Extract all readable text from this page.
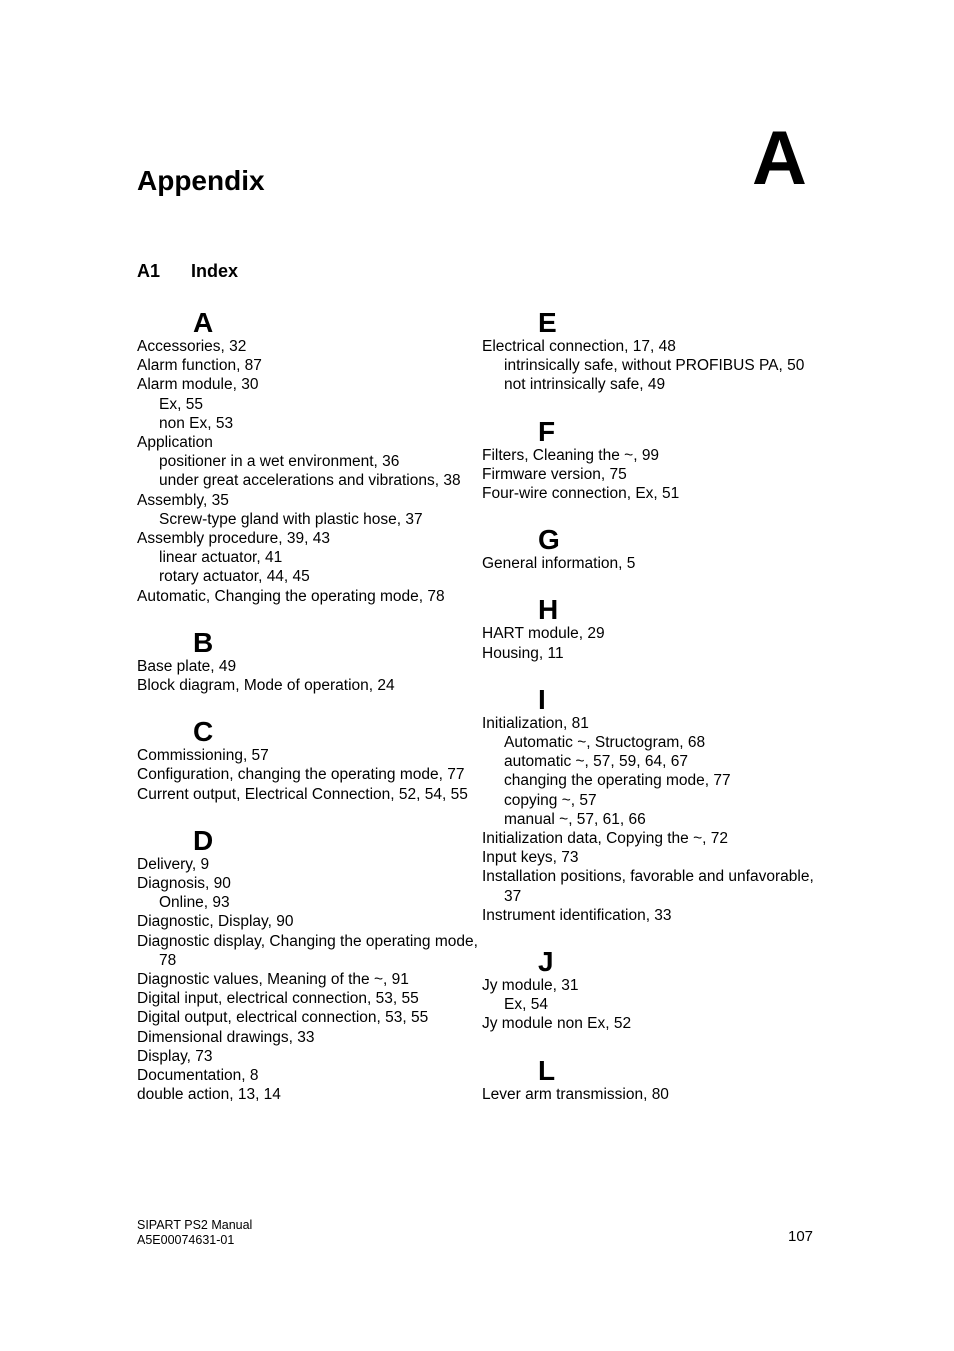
Appendix	A
A1 Index
A
Accessories, 32
Alarm function, 87
Alarm module, 30
Ex, 55
non Ex, 53
Application
positioner in a wet environment, 36
under great accelerations and vibrations, 38
Assembly, 35
Screw-type gland with plastic hose, 37
Assembly procedure, 39, 43
linear actuator, 41
rotary actuator, 44, 45
Automatic, Changing the operating mode, 78
B
Base plate, 49
Block diagram, Mode of operation, 24
C
Commissioning, 57
Configuration, changing the operating mode, 77
Current output, Electrical Connection, 52, 54, 55
D
Delivery, 9
Diagnosis, 90
Online, 93
Diagnostic, Display, 90
Diagnostic display, Changing the operating mode, 78
Diagnostic values, Meaning of the ~, 91
Digital input, electrical connection, 53, 55
Digital output, electrical connection, 53, 55
Dimensional drawings, 33
Display, 73
Documentation, 8
double action, 13, 14
E
Electrical connection, 17, 48
intrinsically safe, without PROFIBUS PA, 50
not intrinsically safe, 49
F
Filters, Cleaning the ~, 99
Firmware version, 75
Four-wire connection, Ex, 51
G
General information, 5
H
HART module, 29
Housing, 11
I
Initialization, 81
Automatic ~, Structogram, 68
automatic ~, 57, 59, 64, 67
changing the operating mode, 77
copying ~, 57
manual ~, 57, 61, 66
Initialization data, Copying the ~, 72
Input keys, 73
Installation positions, favorable and unfavorable, 37
Instrument identification, 33
J
Jy module, 31
Ex, 54
Jy module non Ex, 52
L
Lever arm transmission, 80
SIPART PS2 Manual
A5E00074631-01	107
